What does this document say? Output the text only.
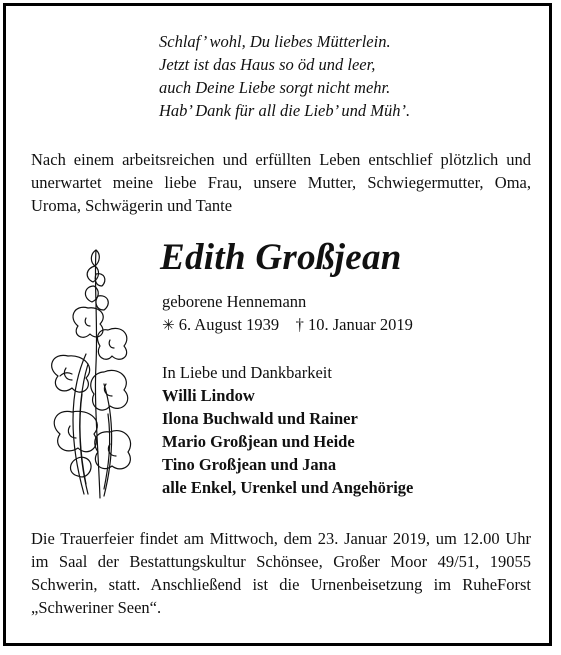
Schlaf’ wohl, Du liebes Mütterlein.
Jetzt ist das Haus so öd und leer,
auch Deine Liebe sorgt nicht mehr.
Hab’ Dank für all die Lieb’ und Müh’.
Nach einem arbeitsreichen und erfüllten Leben entschlief plötzlich und unerwartet meine liebe Frau, unsere Mutter, Schwiegermutter, Oma, Uroma, Schwägerin und Tante
Edith Großjean
geborene Hennemann
✳ 6. August 1939 † 10. Januar 2019
In Liebe und Dankbarkeit
Willi Lindow
Ilona Buchwald und Rainer
Mario Großjean und Heide
Tino Großjean und Jana
alle Enkel, Urenkel und Angehörige
Die Trauerfeier findet am Mittwoch, dem 23. Januar 2019, um 12.00 Uhr im Saal der Bestattungskultur Schönsee, Großer Moor 49/51, 19055 Schwerin, statt. Anschließend ist die Urnenbeisetzung im RuheForst „Schweriner Seen“.
